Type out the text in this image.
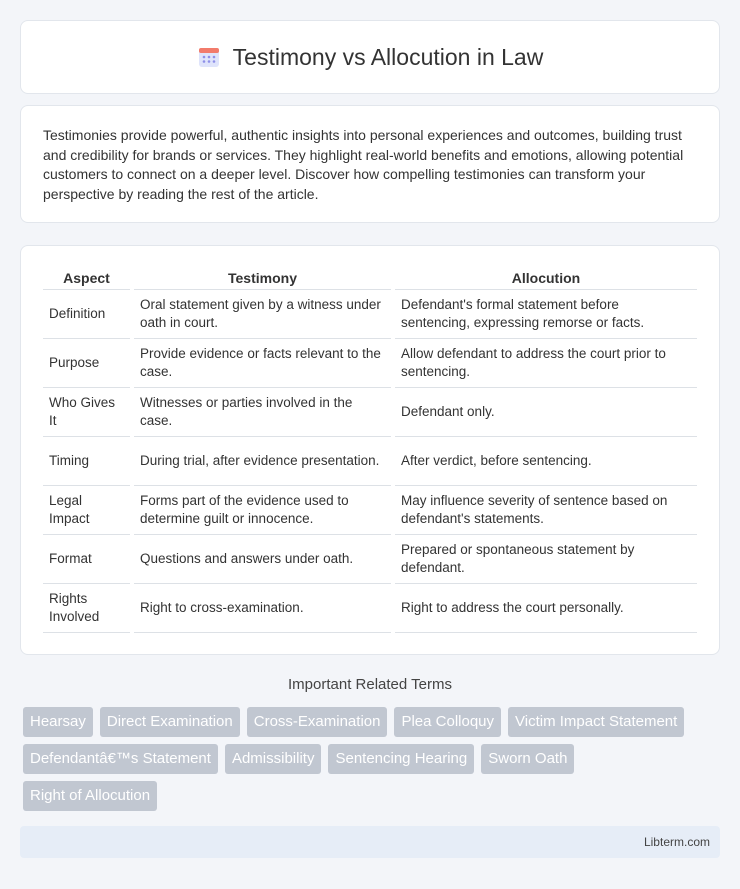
Testimony vs Allocution in Law

Testimonies provide powerful, authentic insights into personal experiences and outcomes, building trust and credibility for brands or services. They highlight real-world benefits and emotions, allowing potential customers to connect on a deeper level. Discover how compelling testimonies can transform your perspective by reading the rest of the article.

Aspect	Testimony	Allocution
Definition	Oral statement given by a witness under oath in court.	Defendant's formal statement before sentencing, expressing remorse or facts.
Purpose	Provide evidence or facts relevant to the case.	Allow defendant to address the court prior to sentencing.
Who Gives It	Witnesses or parties involved in the case.	Defendant only.
Timing	During trial, after evidence presentation.	After verdict, before sentencing.
Legal Impact	Forms part of the evidence used to determine guilt or innocence.	May influence severity of sentence based on defendant's statements.
Format	Questions and answers under oath.	Prepared or spontaneous statement by defendant.
Rights Involved	Right to cross-examination.	Right to address the court personally.
Important Related Terms
Hearsay	Direct Examination	Cross-Examination	Plea Colloquy	Victim Impact Statement
Defendantâ€™s Statement	Admissibility	Sentencing Hearing	Sworn Oath
Right of Allocution
Libterm.com
